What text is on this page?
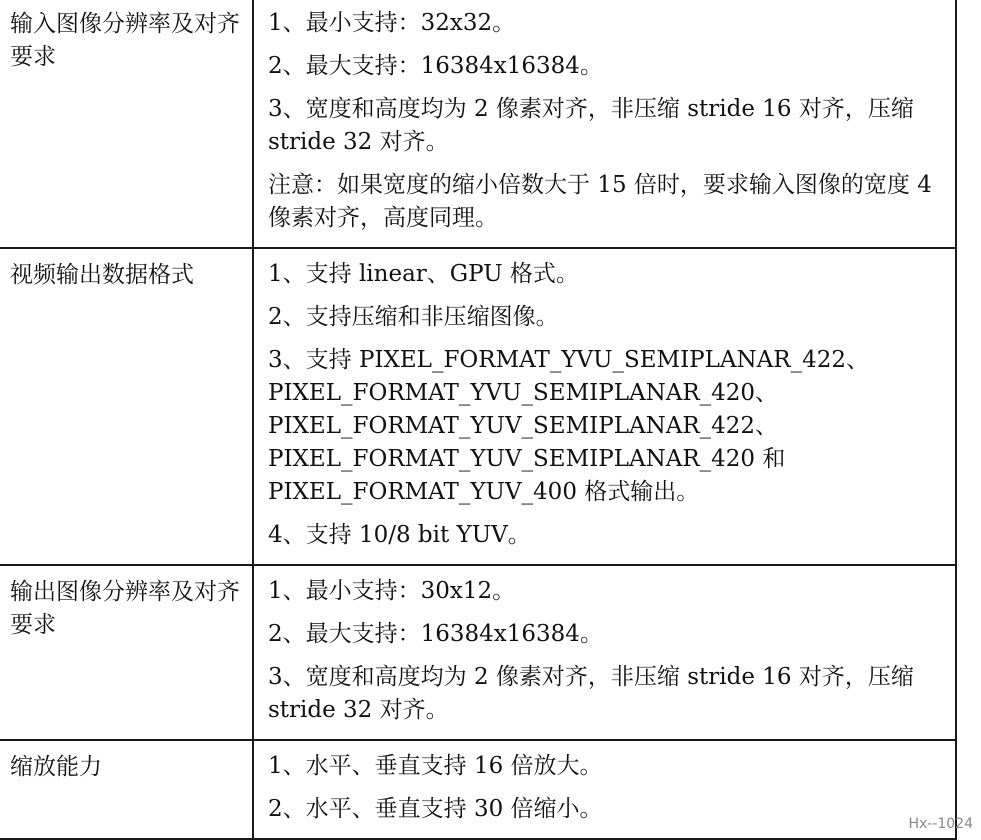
输入图像分辨率及对齐要求	1、最小支持：32x32。
2、最大支持：16384x16384。
3、宽度和高度均为 2 像素对齐，非压缩 stride 16 对齐，压缩 stride 32 对齐。
注意：如果宽度的缩小倍数大于 15 倍时，要求输入图像的宽度 4 像素对齐，高度同理。

视频输出数据格式	1、支持 linear、GPU 格式。
2、支持压缩和非压缩图像。
3、支持 PIXEL_FORMAT_YVU_SEMIPLANAR_422、 PIXEL_FORMAT_YVU_SEMIPLANAR_420、 PIXEL_FORMAT_YUV_SEMIPLANAR_422、 PIXEL_FORMAT_YUV_SEMIPLANAR_420 和 PIXEL_FORMAT_YUV_400 格式输出。
4、支持 10/8 bit YUV。

输出图像分辨率及对齐要求	1、最小支持：30x12。
2、最大支持：16384x16384。
3、宽度和高度均为 2 像素对齐，非压缩 stride 16 对齐，压缩 stride 32 对齐。

缩放能力	1、水平、垂直支持 16 倍放大。
2、水平、垂直支持 30 倍缩小。
Hx--1024
